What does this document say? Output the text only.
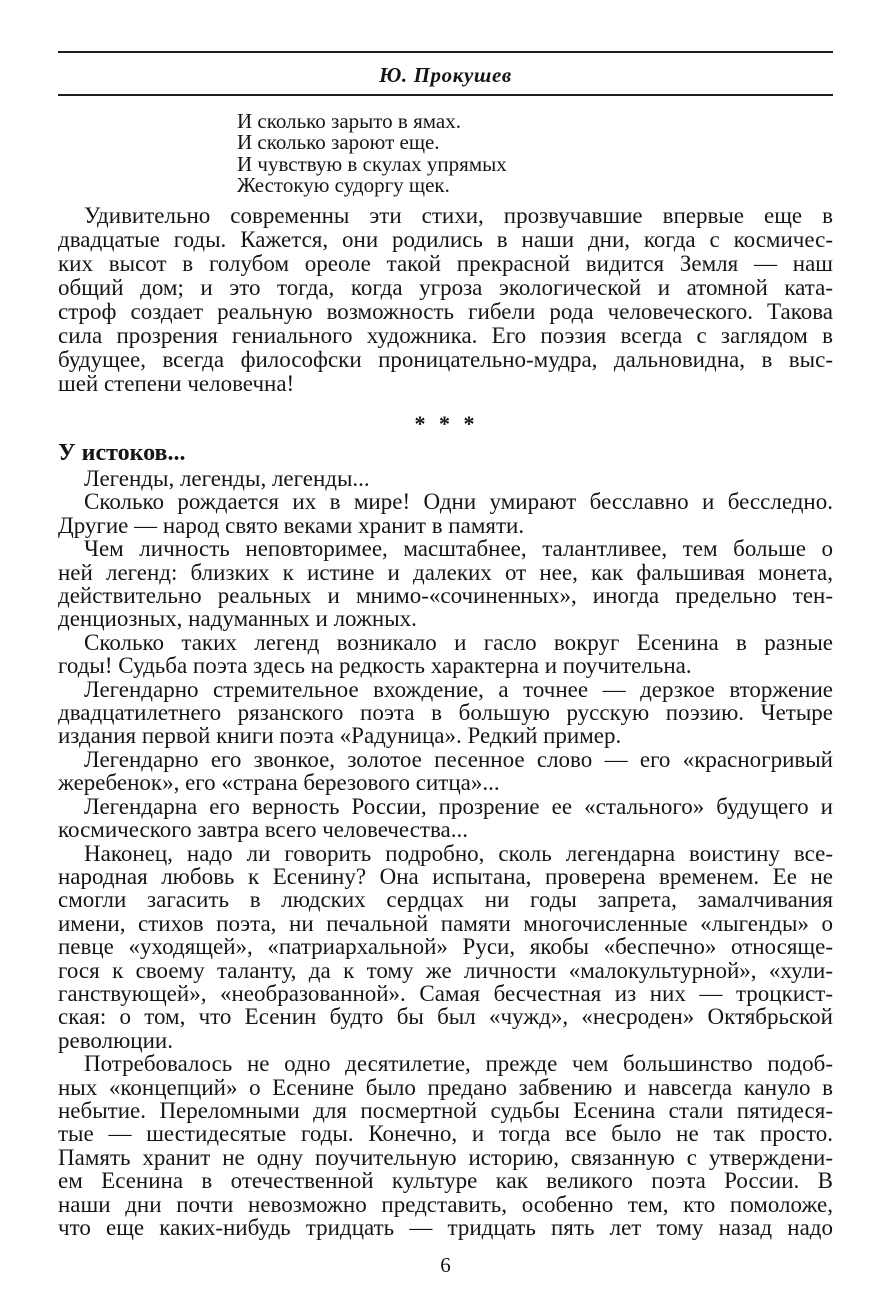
Ю. Прокушев
И сколько зарыто в ямах.
И сколько зароют еще.
И чувствую в скулах упрямых
Жестокую судоргу щек.
Удивительно современны эти стихи, прозвучавшие впервые еще в
двадцатые годы. Кажется, они родились в наши дни, когда с космичес-
ких высот в голубом ореоле такой прекрасной видится Земля — наш
общий дом; и это тогда, когда угроза экологической и атомной ката-
строф создает реальную возможность гибели рода человеческого. Такова
сила прозрения гениального художника. Его поэзия всегда с заглядом в
будущее, всегда философски проницательно-мудра, дальновидна, в выс-
шей степени человечна!
* * *
У истоков...
Легенды, легенды, легенды...
Сколько рождается их в мире! Одни умирают бесславно и бесследно.
Другие — народ свято веками хранит в памяти.
Чем личность неповторимее, масштабнее, талантливее, тем больше о
ней легенд: близких к истине и далеких от нее, как фальшивая монета,
действительно реальных и мнимо-«сочиненных», иногда предельно тен-
денциозных, надуманных и ложных.
Сколько таких легенд возникало и гасло вокруг Есенина в разные
годы! Судьба поэта здесь на редкость характерна и поучительна.
Легендарно стремительное вхождение, а точнее — дерзкое вторжение
двадцатилетнего рязанского поэта в большую русскую поэзию. Четыре
издания первой книги поэта «Радуница». Редкий пример.
Легендарно его звонкое, золотое песенное слово — его «красногривый
жеребенок», его «страна березового ситца»...
Легендарна его верность России, прозрение ее «стального» будущего и
космического завтра всего человечества...
Наконец, надо ли говорить подробно, сколь легендарна воистину все-
народная любовь к Есенину? Она испытана, проверена временем. Ее не
смогли загасить в людских сердцах ни годы запрета, замалчивания
имени, стихов поэта, ни печальной памяти многочисленные «лыгенды» о
певце «уходящей», «патриархальной» Руси, якобы «беспечно» относяще-
гося к своему таланту, да к тому же личности «малокультурной», «хули-
ганствующей», «необразованной». Самая бесчестная из них — троцкист-
ская: о том, что Есенин будто бы был «чужд», «несроден» Октябрьской
революции.
Потребовалось не одно десятилетие, прежде чем большинство подоб-
ных «концепций» о Есенине было предано забвению и навсегда кануло в
небытие. Переломными для посмертной судьбы Есенина стали пятидеся-
тые — шестидесятые годы. Конечно, и тогда все было не так просто.
Память хранит не одну поучительную историю, связанную с утверждени-
ем Есенина в отечественной культуре как великого поэта России. В
наши дни почти невозможно представить, особенно тем, кто помоложе,
что еще каких-нибудь тридцать — тридцать пять лет тому назад надо
6
